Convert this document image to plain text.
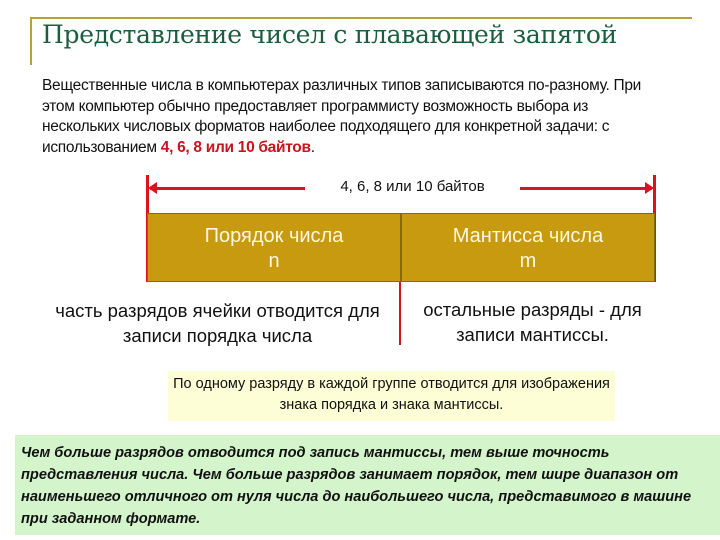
Представление чисел с плавающей запятой
Вещественные числа в компьютерах различных типов записываются по-разному. При этом компьютер обычно предоставляет программисту возможность выбора из нескольких числовых форматов наиболее подходящего для конкретной задачи: с использованием 4, 6, 8 или 10 байтов.
4, 6, 8 или 10 байтов
Порядок числа
n
Мантисса числа
m
часть разрядов ячейки отводится для записи порядка числа
остальные разряды - для записи мантиссы.
По одному разряду в каждой группе отводится для изображения знака порядка и знака мантиссы.
Чем больше разрядов отводится под запись мантиссы, тем выше точность представления числа. Чем больше разрядов занимает порядок, тем шире диапазон от наименьшего отличного от нуля числа до наибольшего числа, представимого в машине при заданном формате.
